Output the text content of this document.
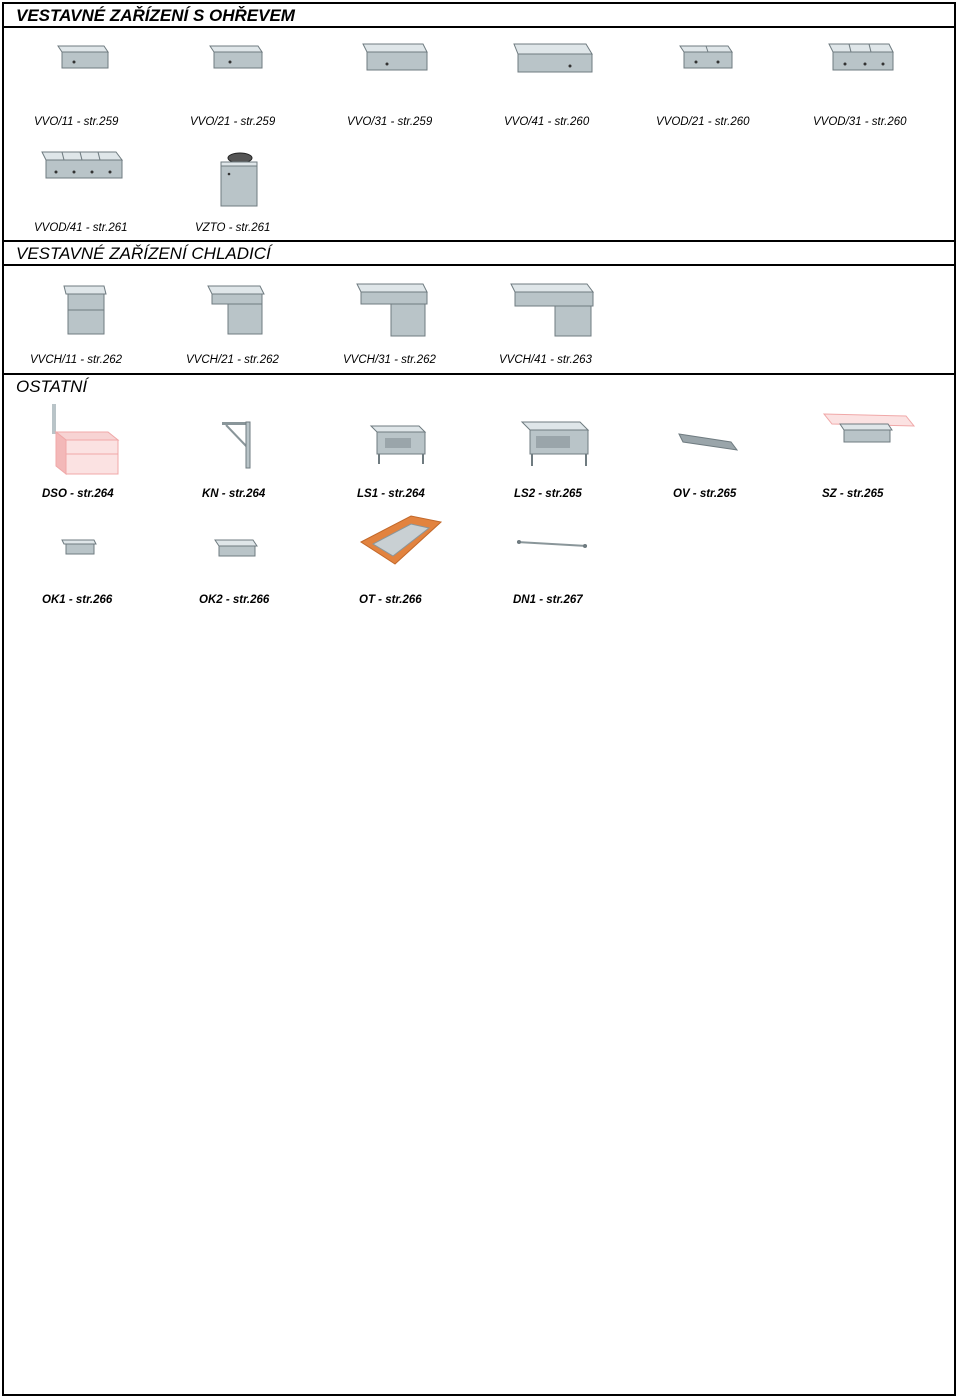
VESTAVNÉ ZAŘÍZENÍ S OHŘEVEM
VESTAVNÉ ZAŘÍZENÍ CHLADICÍ
OSTATNÍ
VVO/11 - str.259	VVO/21 - str.259	VVO/31 - str.259	VVO/41 - str.260	VVOD/21 - str.260	VVOD/31 - str.260
VVOD/41 - str.261	VZTO - str.261
VVCH/11 - str.262	VVCH/21 - str.262	VVCH/31 - str.262	VVCH/41 - str.263
DSO - str.264	KN - str.264	LS1 - str.264	LS2 - str.265	OV - str.265	SZ - str.265
OK1 - str.266	OK2 - str.266	OT - str.266	DN1 - str.267
